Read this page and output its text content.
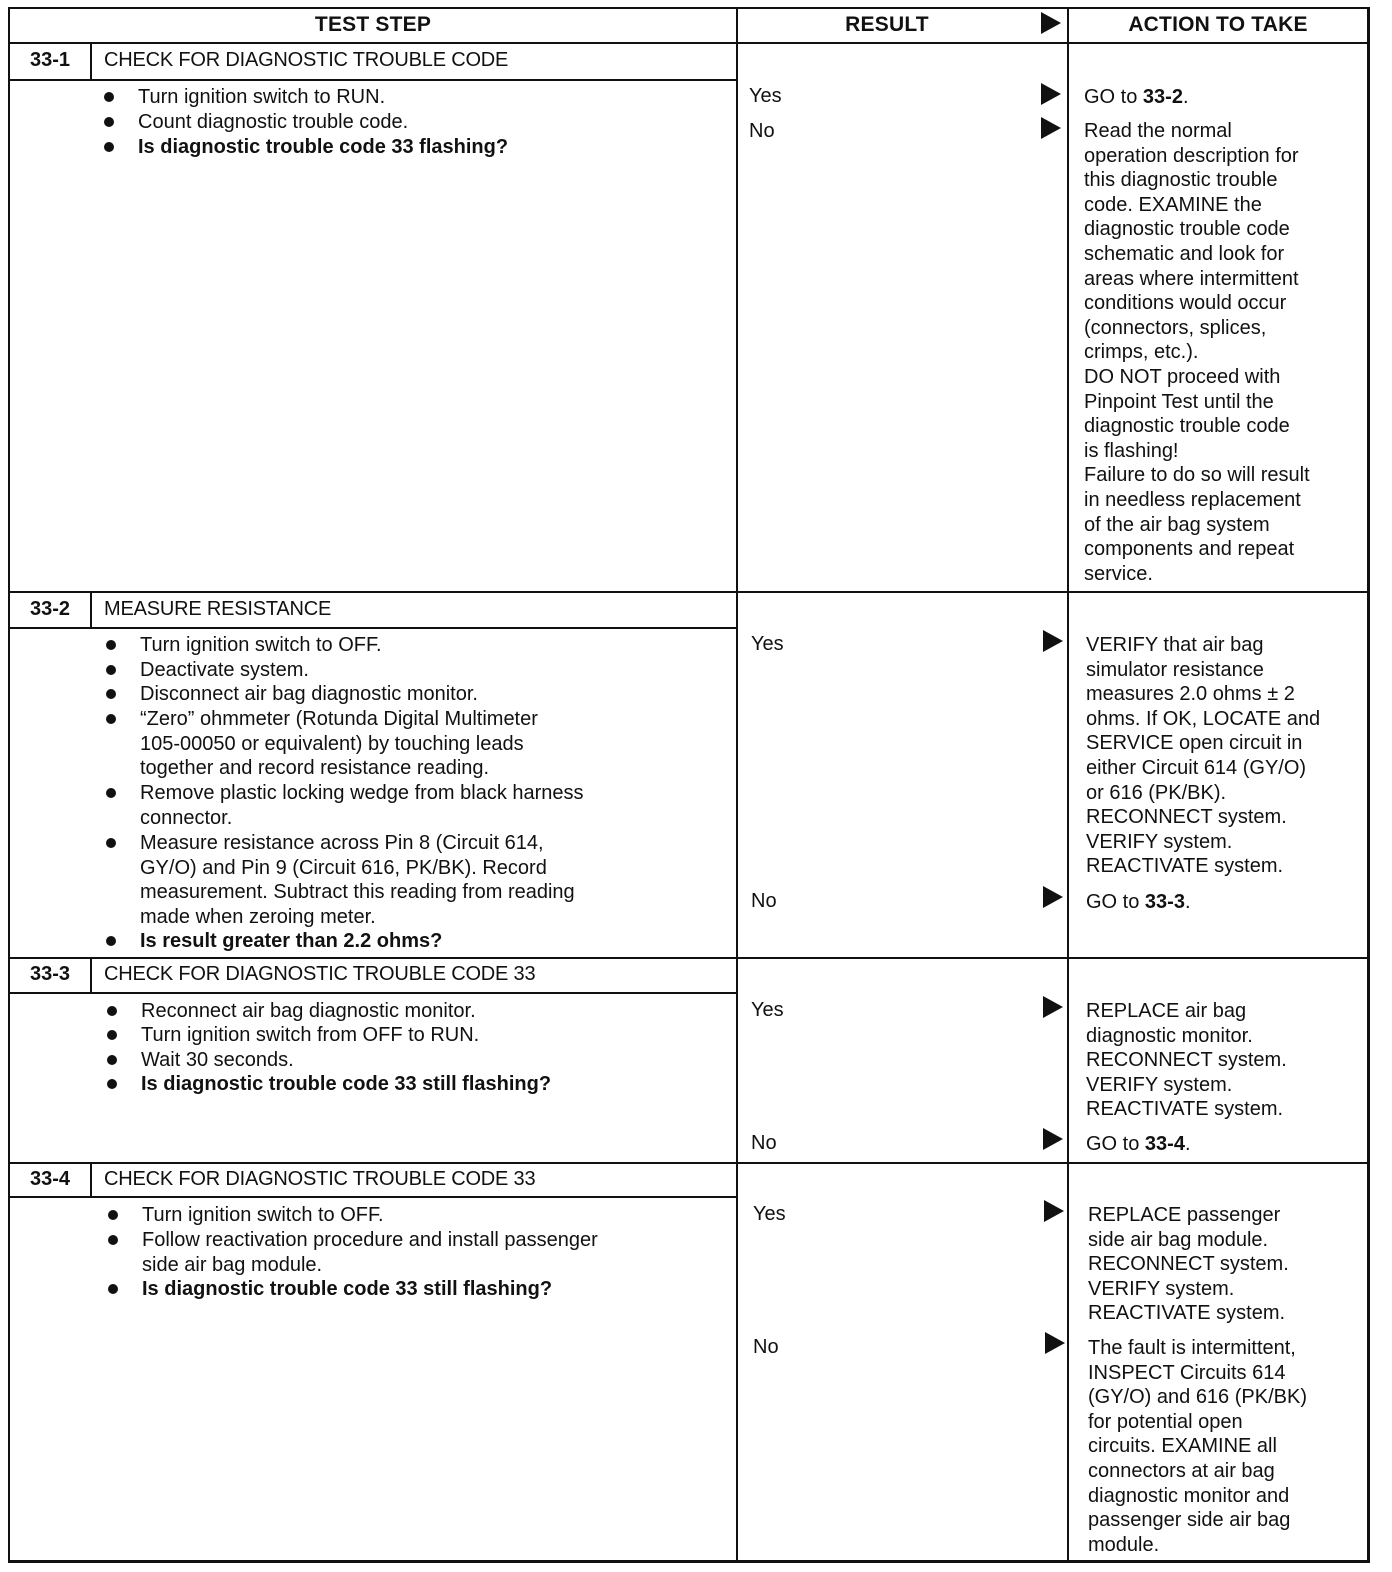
TEST STEP	RESULT	ACTION TO TAKE
33-1	CHECK FOR DIAGNOSTIC TROUBLE CODE
Turn ignition switch to RUN.
Count diagnostic trouble code.
Is diagnostic trouble code 33 flashing?
Yes	GO to 33-2.
No	Read the normal
operation description for
this diagnostic trouble
code. EXAMINE the
diagnostic trouble code
schematic and look for
areas where intermittent
conditions would occur
(connectors, splices,
crimps, etc.).
DO NOT proceed with
Pinpoint Test until the
diagnostic trouble code
is flashing!
Failure to do so will result
in needless replacement
of the air bag system
components and repeat
service.
33-2	MEASURE RESISTANCE
Turn ignition switch to OFF.
Deactivate system.
Disconnect air bag diagnostic monitor.
“Zero” ohmmeter (Rotunda Digital Multimeter
105-00050 or equivalent) by touching leads
together and record resistance reading.
Remove plastic locking wedge from black harness
connector.
Measure resistance across Pin 8 (Circuit 614,
GY/O) and Pin 9 (Circuit 616, PK/BK). Record
measurement. Subtract this reading from reading
made when zeroing meter.
Is result greater than 2.2 ohms?
Yes	VERIFY that air bag
simulator resistance
measures 2.0 ohms ± 2
ohms. If OK, LOCATE and
SERVICE open circuit in
either Circuit 614 (GY/O)
or 616 (PK/BK).
RECONNECT system.
VERIFY system.
REACTIVATE system.
No	GO to 33-3.
33-3	CHECK FOR DIAGNOSTIC TROUBLE CODE 33
Reconnect air bag diagnostic monitor.
Turn ignition switch from OFF to RUN.
Wait 30 seconds.
Is diagnostic trouble code 33 still flashing?
Yes	REPLACE air bag
diagnostic monitor.
RECONNECT system.
VERIFY system.
REACTIVATE system.
No	GO to 33-4.
33-4	CHECK FOR DIAGNOSTIC TROUBLE CODE 33
Turn ignition switch to OFF.
Follow reactivation procedure and install passenger
side air bag module.
Is diagnostic trouble code 33 still flashing?
Yes	REPLACE passenger
side air bag module.
RECONNECT system.
VERIFY system.
REACTIVATE system.
No	The fault is intermittent,
INSPECT Circuits 614
(GY/O) and 616 (PK/BK)
for potential open
circuits. EXAMINE all
connectors at air bag
diagnostic monitor and
passenger side air bag
module.
